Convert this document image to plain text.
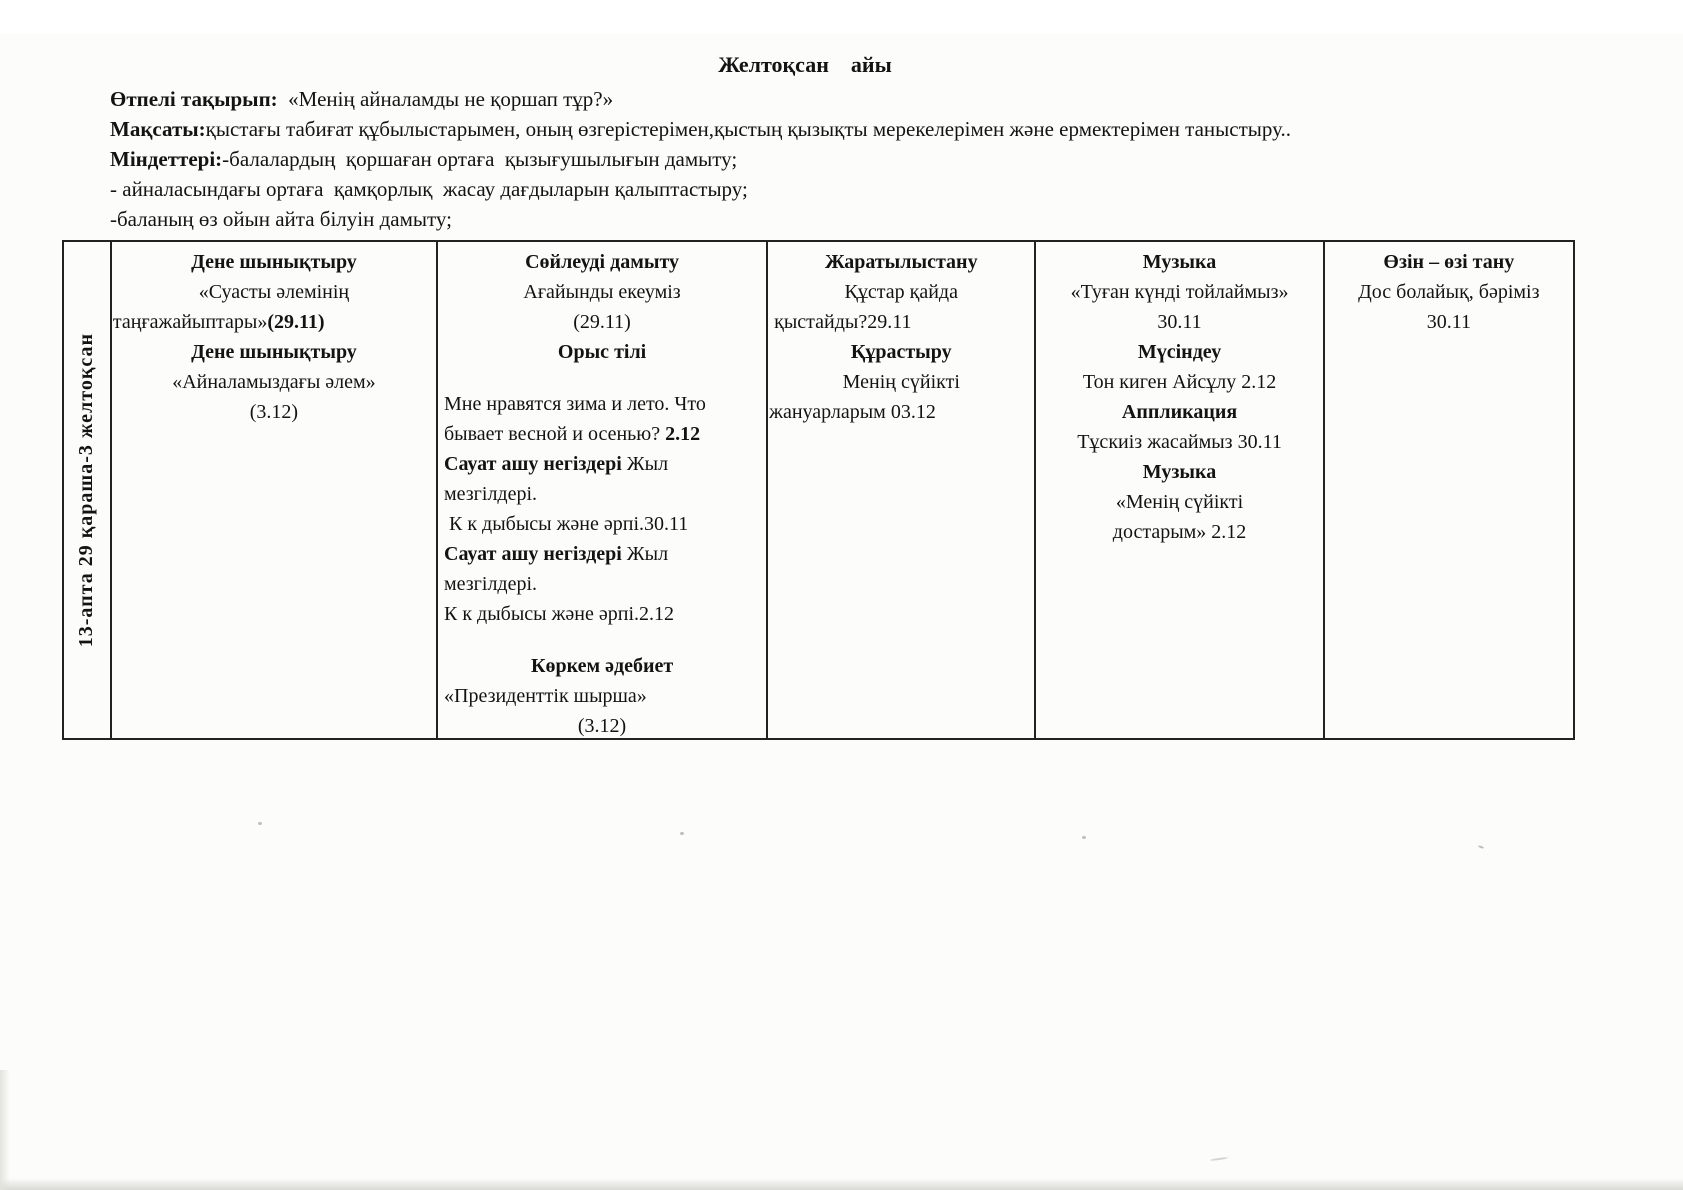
Желтоқсан    айы
Өтпелі тақырып:  «Менің айналамды не қоршап тұр?»
Мақсаты:қыстағы табиғат құбылыстарымен, оның өзгерістерімен,қыстың қызықты мерекелерімен және ермектерімен таныстыру..
Міндеттері:-балалардың  қоршаған ортаға  қызығушылығын дамыту;
- айналасындағы ортаға  қамқорлық  жасау дағдыларын қалыптастыру;
-баланың өз ойын айта білуін дамыту;
13-апта 29 қараша-3 желтоқсан
Дене шынықтыру
«Суасты әлемінің
таңғажайыптары»(29.11)
Дене шынықтыру
«Айналамыздағы әлем»
(3.12)
Сөйлеуді дамыту
Ағайынды екеуміз
(29.11)
Орыс тілі
Мне нравятся зима и лето. Что
бывает весной и осенью? 2.12
Сауат ашу негіздері Жыл
мезгілдері.
К к дыбысы және әрпі.30.11
Сауат ашу негіздері Жыл
мезгілдері.
К к дыбысы және әрпі.2.12
Көркем әдебиет
«Президенттік шырша»
(3.12)
Жаратылыстану
Құстар қайда
қыстайды?29.11
Құрастыру
Менің сүйікті
жануарларым 03.12
Музыка
«Туған күнді тойлаймыз»
30.11
Мүсіндеу
Тон киген Айсұлу 2.12
Аппликация
Тұскиіз жасаймыз 30.11
Музыка
«Менің сүйікті
достарым» 2.12
Өзін – өзі тану
Дос болайық, бәріміз
30.11
